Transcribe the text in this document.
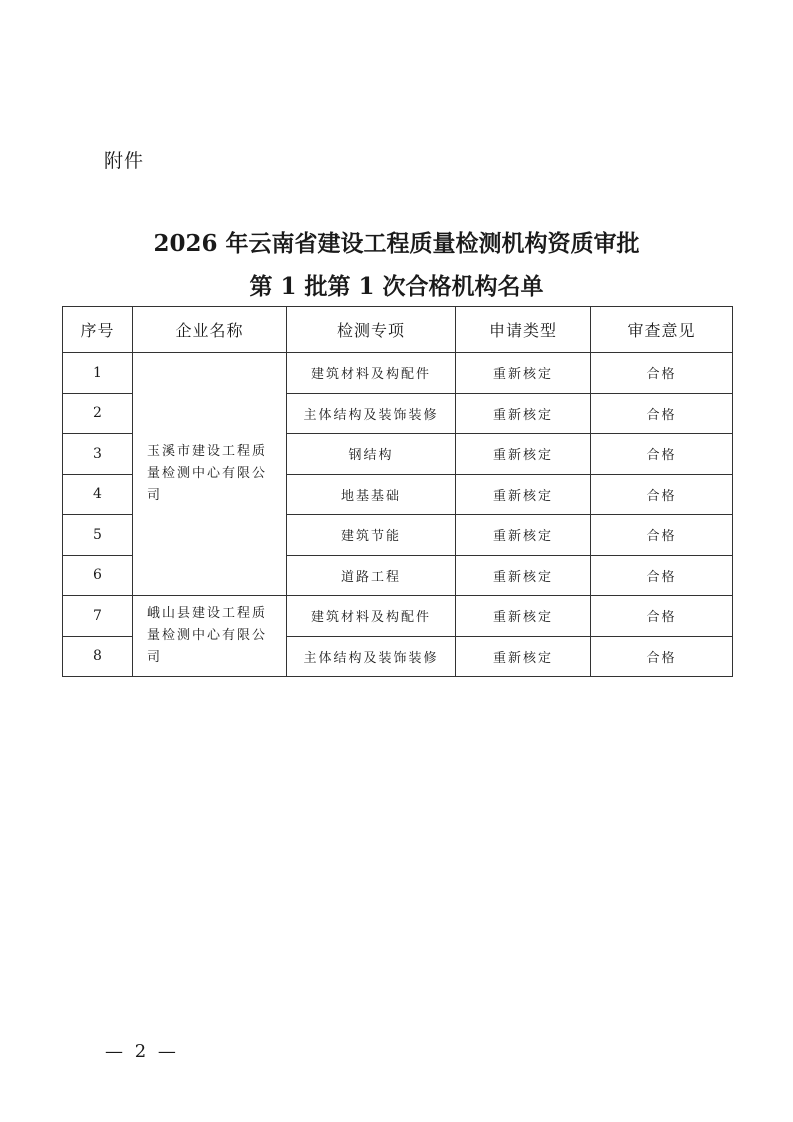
附件
2026 年云南省建设工程质量检测机构资质审批
第 1 批第 1 次合格机构名单
序号	企业名称	检测专项	申请类型	审查意见
1	玉溪市建设工程质量检测中心有限公司	建筑材料及构配件	重新核定	合格
2		主体结构及装饰装修	重新核定	合格
3		钢结构	重新核定	合格
4		地基基础	重新核定	合格
5		建筑节能	重新核定	合格
6		道路工程	重新核定	合格
7	峨山县建设工程质量检测中心有限公司	建筑材料及构配件	重新核定	合格
8		主体结构及装饰装修	重新核定	合格
— 2 —
